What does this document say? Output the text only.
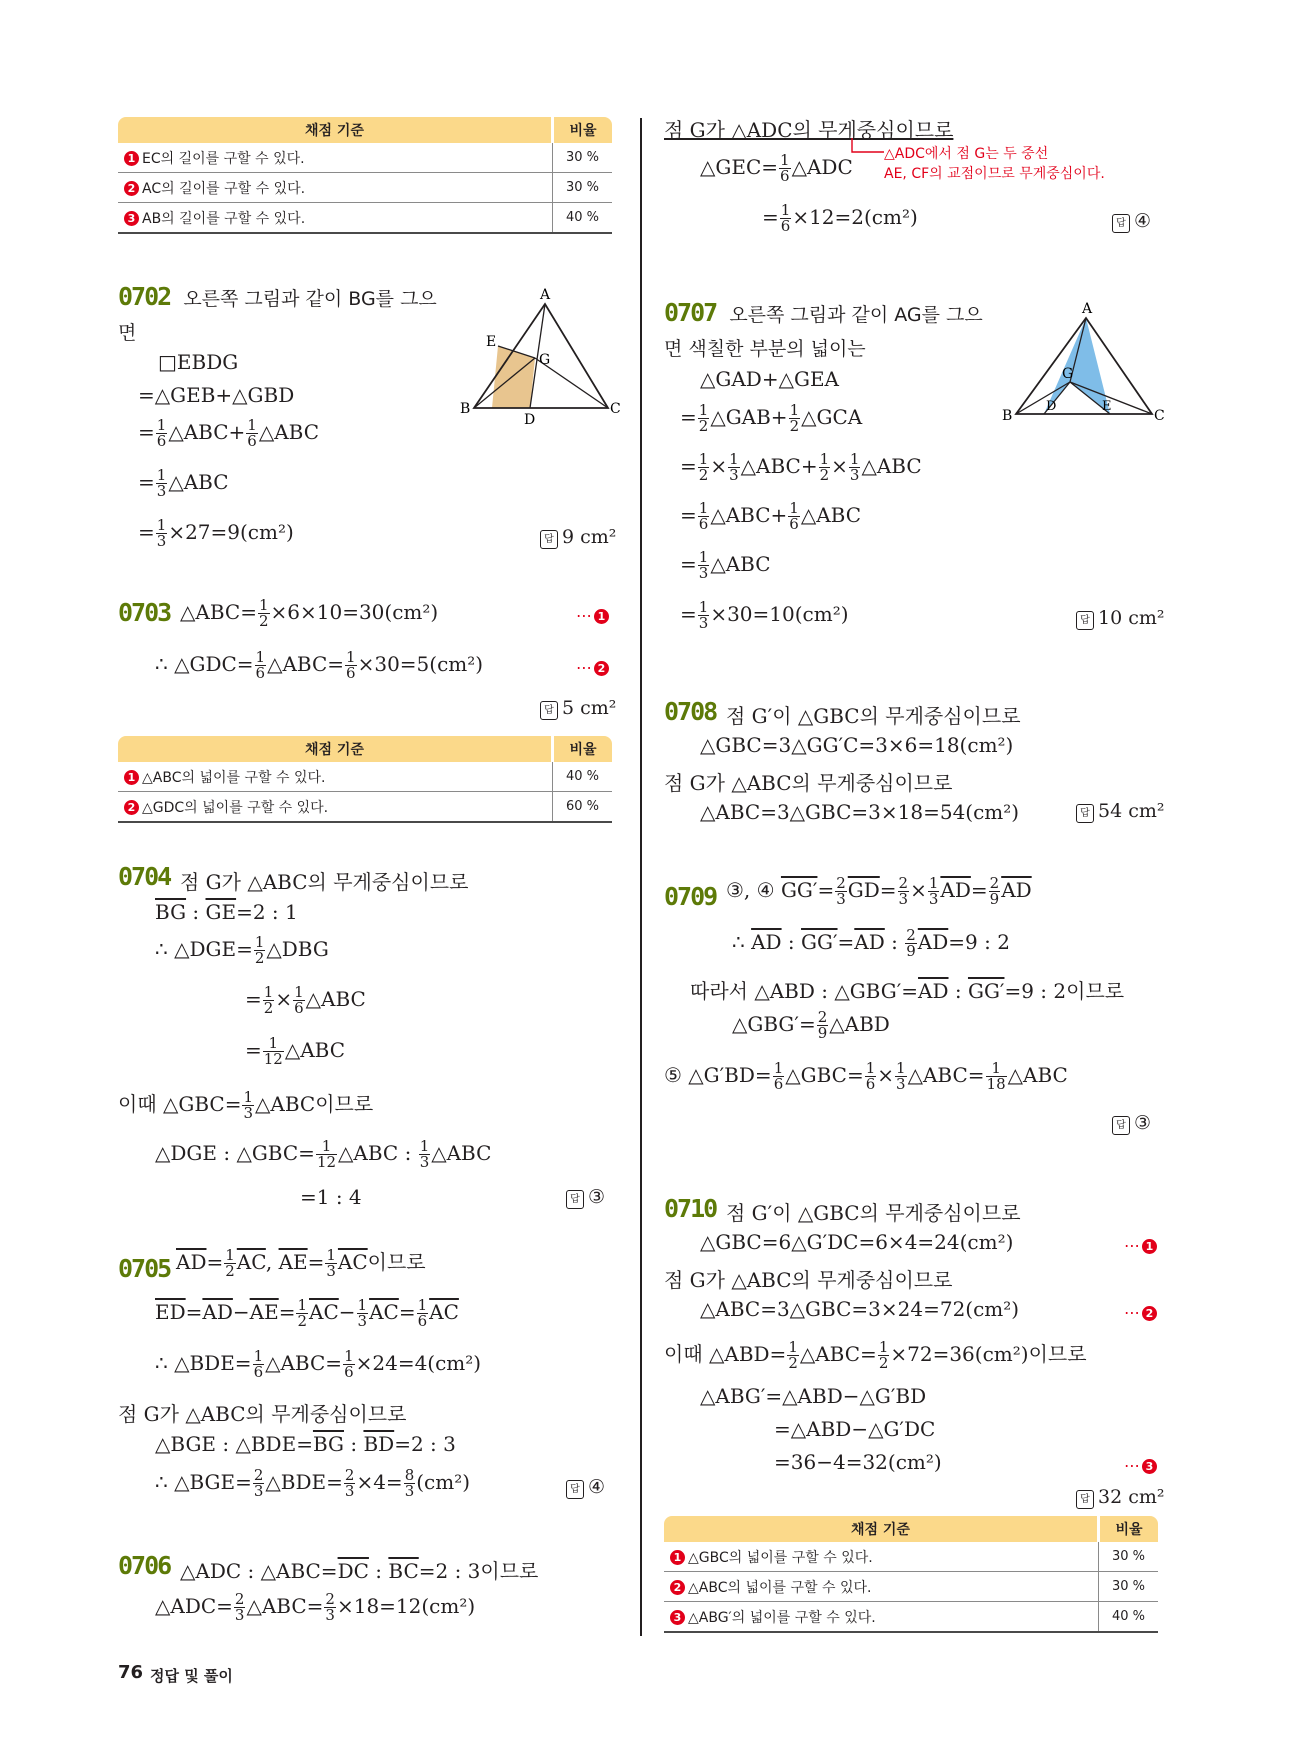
채점 기준	비율
1 EC의 길이를 구할 수 있다.	30 %
2 AC의 길이를 구할 수 있다.	30 %
3 AB의 길이를 구할 수 있다.	40 %
0702 오른쪽 그림과 같이 BG를 그으
면
□EBDG
=△GEB+△GBD
= $\frac{1}{6}$ △ABC+ $\frac{1}{6}$ △ABC
= $\frac{1}{3}$ △ABC
= $\frac{1}{3} \times 27=9(cm^2)$	답 9 cm²
A
B	C
D
E
G
0703 △ABC= $\frac{1}{2} \times 6\times 10=30(cm^2)$	⋯ 1
∴ △GDC= $\frac{1}{6}$ △ABC= $\frac{1}{6} \times 30=5(cm^2)$	⋯ 2
답 5 cm²
채점 기준	비율
1 △ABC의 넓이를 구할 수 있다.	40 %
2 △GDC의 넓이를 구할 수 있다.	60 %
0704 점 G가 △ABC의 무게중심이므로
$\overline{BG}$ : $\overline{GE}=2$ : 1
∴ △DGE= $\frac{1}{2}$ △DBG
= $\frac{1}{2} \times \frac{1}{6}$ △ABC
= $\frac{1}{12}$ △ABC
이때 △GBC= $\frac{1}{3}$ △ABC이므로
△DGE : △GBC= $\frac{1}{12}$ △ABC : $\frac{1}{3}$ △ABC
=1 : 4	답 ③
0705 $\overline{AD}= \frac{1}{2} \overline{AC}$, $\overline{AE}= \frac{1}{3} \overline{AC}$이므로
$\overline{ED}=\overline{AD}-\overline{AE}= \frac{1}{2} \overline{AC}- \frac{1}{3} \overline{AC}= \frac{1}{6} \overline{AC}$
∴ △BDE= $\frac{1}{6}$ △ABC= $\frac{1}{6} \times 24=4(cm^2)$
점 G가 △ABC의 무게중심이므로
△BGE : $\triangle BDE=\overline{BG}$ : $\overline{BD}=2$ : 3
∴ △BGE= $\frac{2}{3}$ △BDE= $\frac{2}{3} \times 4= \frac{8}{3} (cm^2)$	답 ④
0706 △ADC : $\triangle ABC=\overline{DC}$ : $\overline{BC}=2$ : 3이므로
△ADC= $\frac{2}{3}$ △ABC= $\frac{2}{3} \times 18=12(cm^2)$
점 G가 △ADC의 무게중심이므로
△ADC에서 점 G는 두 중선
AE, CF의 교점이므로 무게중심이다.
△GEC= $\frac{1}{6}$ △ADC
= $\frac{1}{6} \times 12=2(cm^2)$	답 ④
0707 오른쪽 그림과 같이 AG를 그으
면 색칠한 부분의 넓이는
△GAD+△GEA
= $\frac{1}{2}$ △GAB+ $\frac{1}{2}$ △GCA
= $\frac{1}{2} \times \frac{1}{3}$ △ABC+ $\frac{1}{2} \times \frac{1}{3}$ △ABC
= $\frac{1}{6}$ △ABC+ $\frac{1}{6}$ △ABC
= $\frac{1}{3}$ △ABC
= $\frac{1}{3} \times 30=10(cm^2)$	답 10 cm²
A
B	C
D	E
G
0708 점 G′이 △GBC의 무게중심이므로
△GBC=3△GG′C=3×6=18(cm²)
점 G가 △ABC의 무게중심이므로
△ABC=3△GBC=3×18=54(cm²)	답 54 cm²
0709 ③, ④ $GG'= \frac{2}{3} \overline{GD}= \frac{2}{3} \times \frac{1}{3} \overline{AD}= \frac{2}{9} \overline{AD}$
∴ $\overline{AD}$ : $GG'=\overline{AD}$ : $\frac{2}{9} \overline{AD}=9$ : 2
따라서 △ABD : $\triangle GBG'=\overline{AD}$ : GG′=9 : 2이므로
△GBG′= $\frac{2}{9}$ △ABD
⑤ △G′BD= $\frac{1}{6}$ △GBC= $\frac{1}{6} \times \frac{1}{3}$ △ABC= $\frac{1}{18}$ △ABC
답 ③
0710 점 G′이 △GBC의 무게중심이므로
△GBC=6△G′DC=6×4=24(cm²)	⋯ 1
점 G가 △ABC의 무게중심이므로
△ABC=3△GBC=3×24=72(cm²)	⋯ 2
이때 △ABD= $\frac{1}{2}$ △ABC= $\frac{1}{2} \times 72=36(cm^2)$이므로
△ABG′=△ABD−△G′BD
=△ABD−△G′DC
=36−4=32(cm²)	⋯ 3
답 32 cm²
채점 기준	비율
1 △GBC의 넓이를 구할 수 있다.	30 %
2 △ABC의 넓이를 구할 수 있다.	30 %
3 △ABG′의 넓이를 구할 수 있다.	40 %
76 정답 및 풀이
